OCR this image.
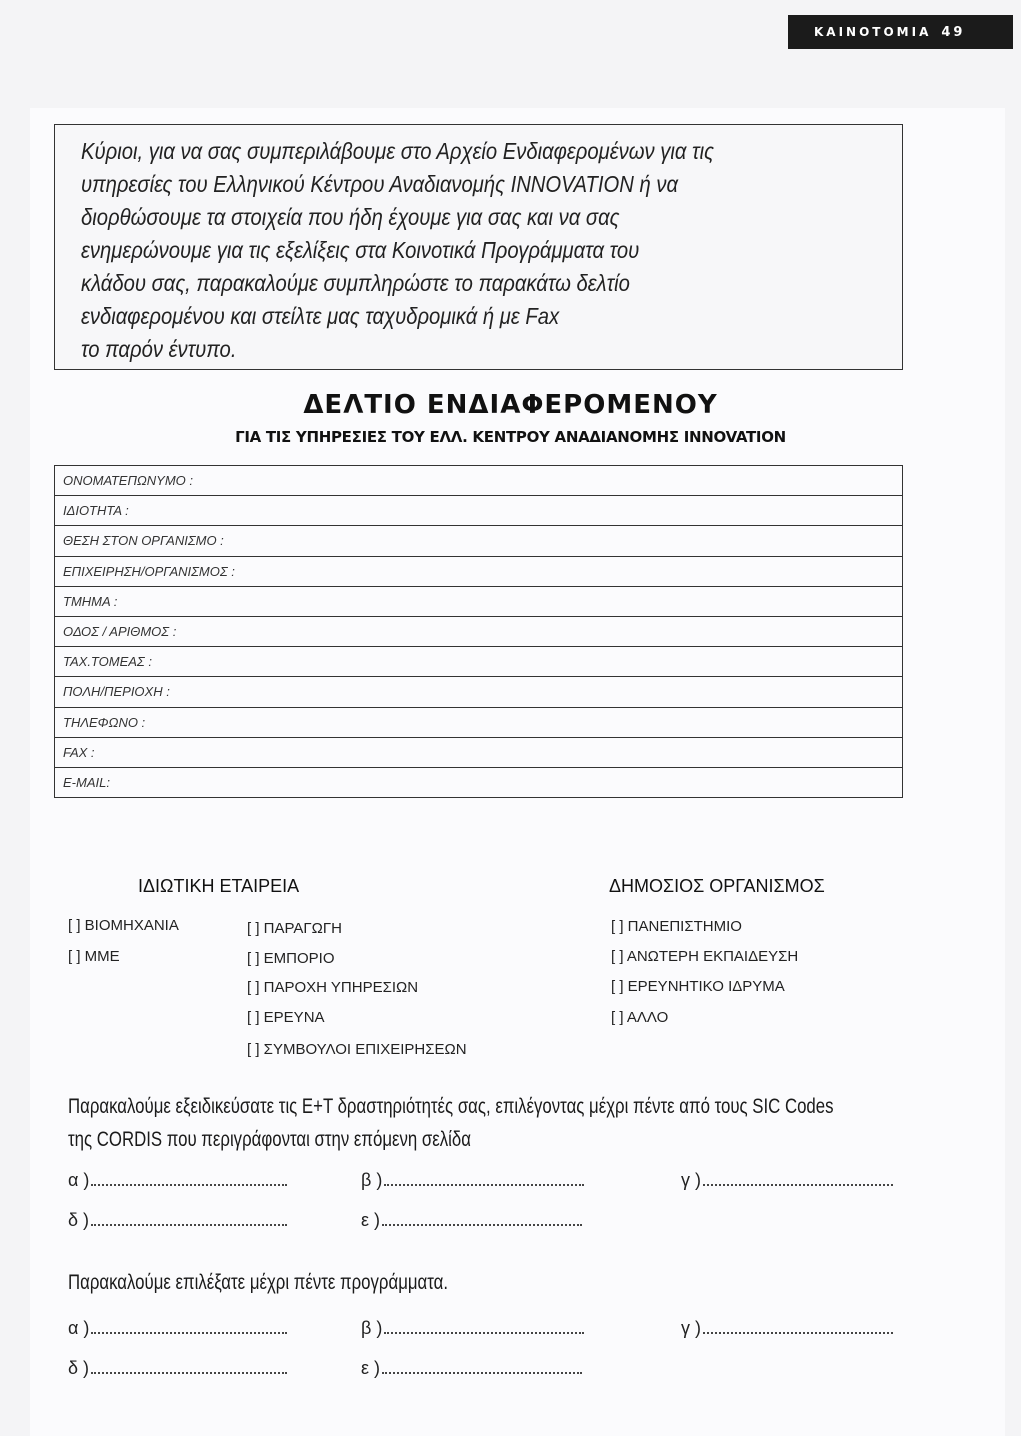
ΚΑΙΝΟΤΟΜΙΑ 49
Κύριοι, για να σας συμπεριλάβουμε στο Αρχείο Ενδιαφερομένων για τις
υπηρεσίες του Ελληνικού Κέντρου Αναδιανομής INNOVATION ή να
διορθώσουμε τα στοιχεία που ήδη έχουμε για σας και να σας
ενημερώνουμε για τις εξελίξεις στα Κοινοτικά Προγράμματα του
κλάδου σας, παρακαλούμε συμπληρώστε το παρακάτω δελτίο
ενδιαφερομένου και στείλτε μας ταχυδρομικά ή με Fax
το παρόν έντυπο.
ΔΕΛΤΙΟ ΕΝΔΙΑΦΕΡΟΜΕΝΟΥ
ΓΙΑ ΤΙΣ ΥΠΗΡΕΣΙΕΣ ΤΟΥ ΕΛΛ. ΚΕΝΤΡΟΥ ΑΝΑΔΙΑΝΟΜΗΣ INNOVATION
ΟΝΟΜΑΤΕΠΩΝΥΜΟ :
ΙΔΙΟΤΗΤΑ :
ΘΕΣΗ ΣΤΟΝ ΟΡΓΑΝΙΣΜΟ :
ΕΠΙΧΕΙΡΗΣΗ/ΟΡΓΑΝΙΣΜΟΣ :
ΤΜΗΜΑ :
ΟΔΟΣ / ΑΡΙΘΜΟΣ :
ΤΑΧ.ΤΟΜΕΑΣ :
ΠΟΛΗ/ΠΕΡΙΟΧΗ :
ΤΗΛΕΦΩΝΟ :
FAX :
E-MAIL:
ΙΔΙΩΤΙΚΗ ΕΤΑΙΡΕΙΑ	ΔΗΜΟΣΙΟΣ ΟΡΓΑΝΙΣΜΟΣ
[ ] ΒΙΟΜΗΧΑΝΙΑ
[ ] ΜΜΕ
[ ] ΠΑΡΑΓΩΓΗ
[ ] ΕΜΠΟΡΙΟ
[ ] ΠΑΡΟΧΗ ΥΠΗΡΕΣΙΩΝ
[ ] ΕΡΕΥΝΑ
[ ] ΣΥΜΒΟΥΛΟΙ ΕΠΙΧΕΙΡΗΣΕΩΝ
[ ] ΠΑΝΕΠΙΣΤΗΜΙΟ
[ ] ΑΝΩΤΕΡΗ ΕΚΠΑΙΔΕΥΣΗ
[ ] ΕΡΕΥΝΗΤΙΚΟ ΙΔΡΥΜΑ
[ ] ΑΛΛΟ
Παρακαλούμε εξειδικεύσατε τις Ε+Τ δραστηριότητές σας, επιλέγοντας μέχρι πέντε από τους SIC Codes
της CORDIS που περιγράφονται στην επόμενη σελίδα
α )	β )	γ )
δ )	ε )
Παρακαλούμε επιλέξατε μέχρι πέντε προγράμματα.
α )	β )	γ )
δ )	ε )
